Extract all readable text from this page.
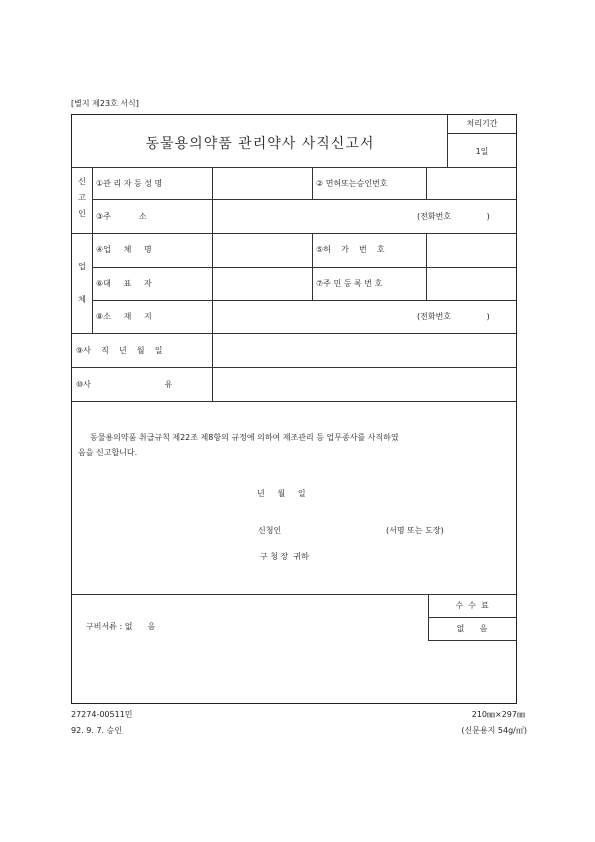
[별지 제23호 서식]
동물용의약품 관리약사 사직신고서
처리기간
1일
신
고
인
업
체
①관 리 자 등 성 명	② 면허또는승인번호
③주           소	(전화번호              )
④업     체     명	⑤허    가    번    호
⑥대     표     자	⑦주 민 등 록 번 호
⑧소     재     지	(전화번호              )
⑨사    직    년    월    일
⑩사                             유
동물용의약품 취급규칙 제22조 제8항의 규정에 의하여 제조관리 등 업무종사를 사직하였
음을 신고합니다.
년     월     일
신청인	(서명 또는 도장)
구 청 장  귀하
구비서류 : 없      음
수  수  료
없      음
27274-00511민	210㎜×297㎜
92. 9. 7. 승인	(신문용지 54g/㎡)
